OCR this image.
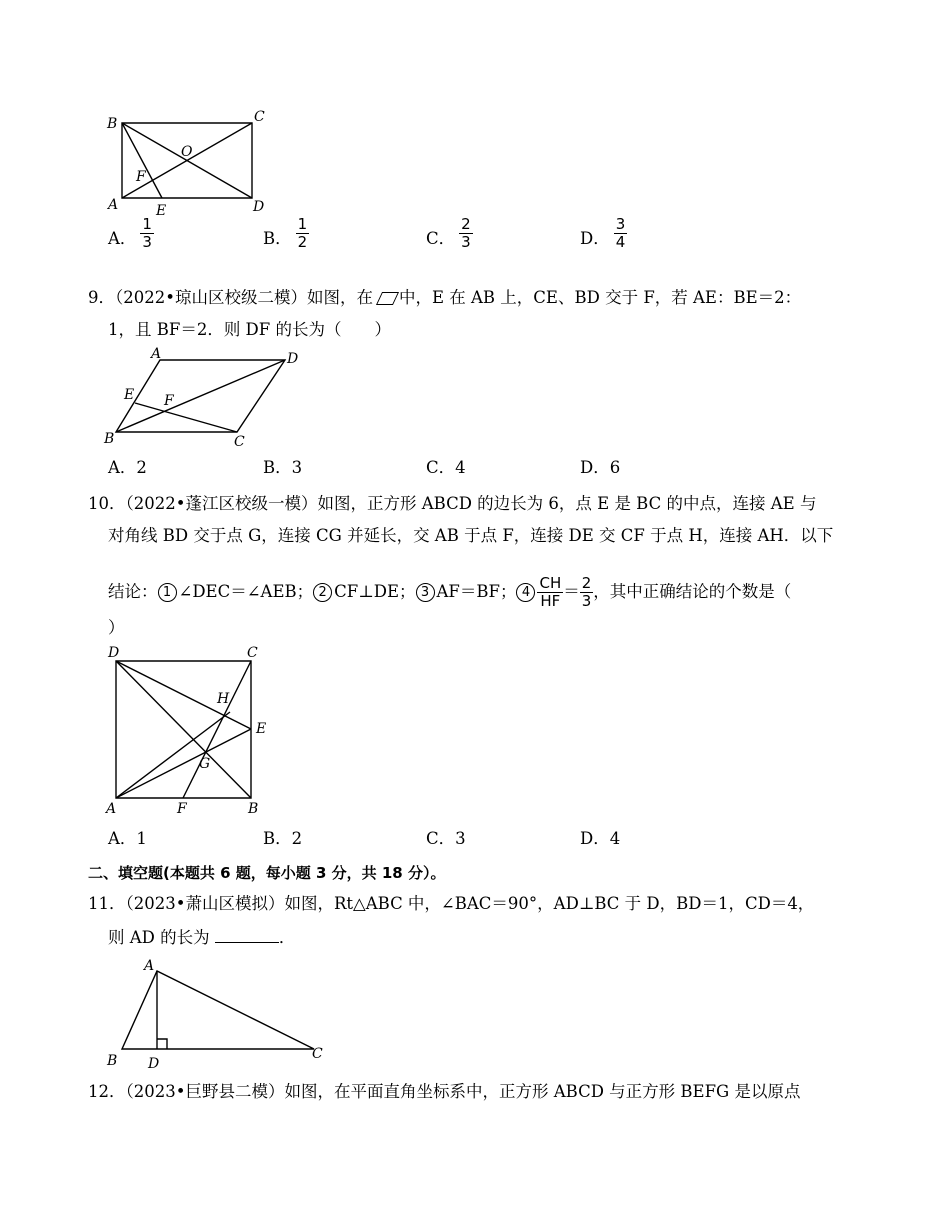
B	C
O
F
A	E	D
A． $\frac{1}{3}$	B． $\frac{1}{2}$	C． $\frac{2}{3}$	D． $\frac{3}{4}$
9．（2022•琼山区校级二模）如图，在 中，E 在 AB 上，CE、BD 交于 F，若 AE：BE＝2：
1，且 BF＝2．则 DF 的长为（　　）
A	D
E F
B	C
A．2	B．3	C．4	D．6
10．（2022•蓬江区校级一模）如图，正方形 ABCD 的边长为 6，点 E 是 BC 的中点，连接 AE 与
对角线 BD 交于点 G，连接 CG 并延长，交 AB 于点 F，连接 DE 交 CF 于点 H，连接 AH．以下
结论： 1 ∠DEC＝∠AEB； 2 CF⊥DE； 3 AF＝BF； $4 \frac{CH}{HF} = \frac{2}{3}$ ，其中正确结论的个数是（
）
D	C
H
E
G
A	F	B
A．1	B．2	C．3	D．4
二、填空题(本题共 6 题，每小题 3 分，共 18 分）。
11．（2023•萧山区模拟）如图，Rt△ABC 中，∠BAC＝90°，AD⊥BC 于 D，BD＝1，CD＝4，
则 AD 的长为	．
A
B D
C
12．（2023•巨野县二模）如图，在平面直角坐标系中，正方形 ABCD 与正方形 BEFG 是以原点
